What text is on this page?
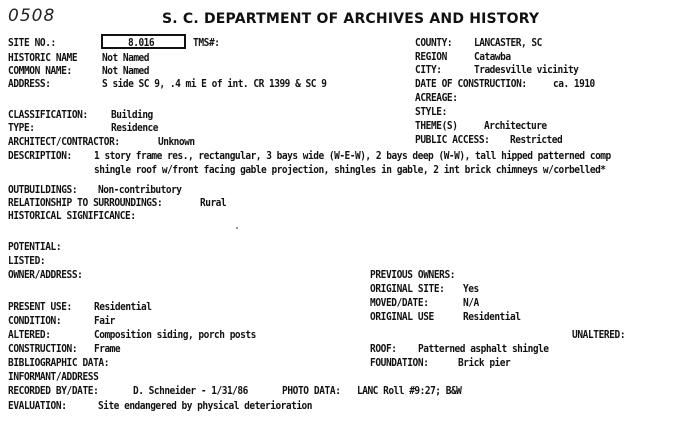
0508	S. C. DEPARTMENT OF ARCHIVES AND HISTORY
SITE NO.:	8.016	TMS#:
HISTORIC NAME	Not Named
COMMON NAME:	Not Named
ADDRESS:	S side SC 9, .4 mi E of int. CR 1399 & SC 9
COUNTY: LANCASTER, SC
REGION	Catawba
CITY:	Tradesville vicinity
DATE OF CONSTRUCTION:	ca. 1910
ACREAGE:
STYLE:
CLASSIFICATION: Building
TYPE:	Residence	THEME(S)	Architecture
ARCHITECT/CONTRACTOR:	Unknown	PUBLIC ACCESS: Restricted
DESCRIPTION: 1 story frame res., rectangular, 3 bays wide (W-E-W), 2 bays deep (W-W), tall hipped patterned comp
shingle roof w/front facing gable projection, shingles in gable, 2 int brick chimneys w/corbelled*
OUTBUILDINGS: Non-contributory
RELATIONSHIP TO SURROUNDINGS:	Rural
HISTORICAL SIGNIFICANCE:
POTENTIAL:
LISTED:
OWNER/ADDRESS:	PREVIOUS OWNERS:
ORIGINAL SITE: Yes
MOVED/DATE:	N/A
ORIGINAL USE	Residential
PRESENT USE: Residential
CONDITION:	Fair
ALTERED:	Composition siding, porch posts	UNALTERED:
CONSTRUCTION: Frame	ROOF: Patterned asphalt shingle
BIBLIOGRAPHIC DATA:	FOUNDATION:	Brick pier
INFORMANT/ADDRESS
RECORDED BY/DATE:	D. Schneider - 1/31/86	PHOTO DATA: LANC Roll #9:27; B&W
EVALUATION:	Site endangered by physical deterioration
